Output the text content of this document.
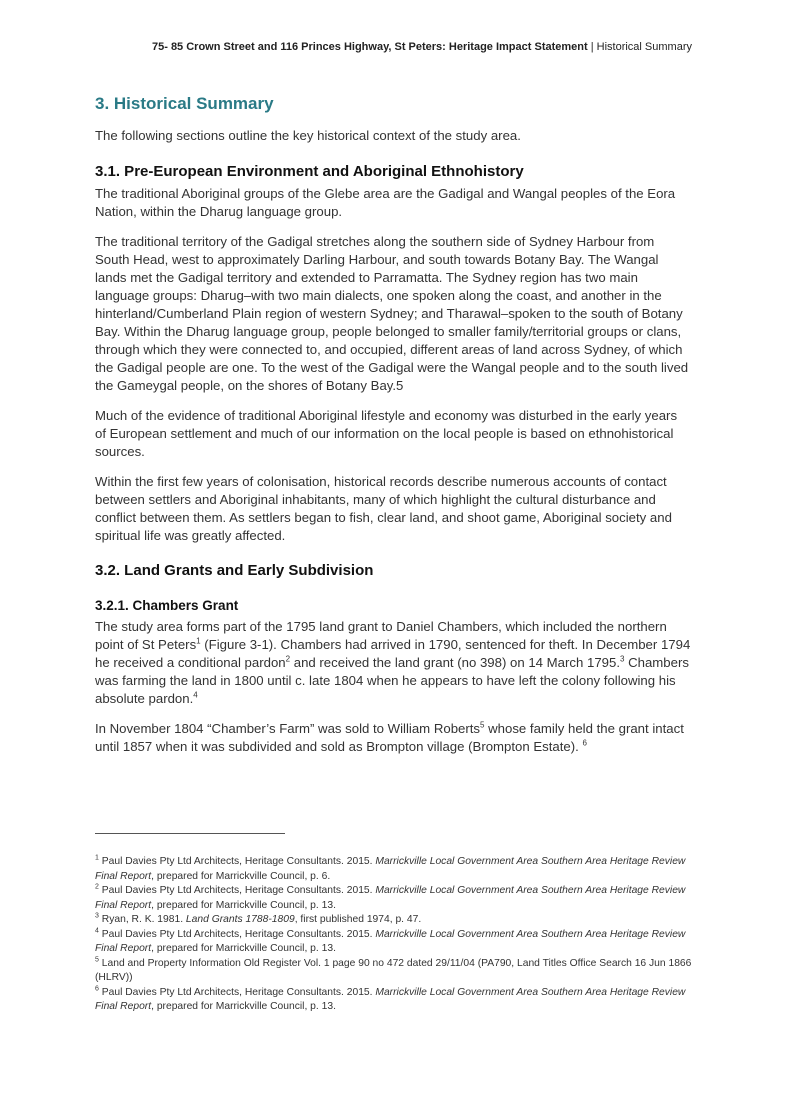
75- 85 Crown Street and 116 Princes Highway, St Peters: Heritage Impact Statement | Historical Summary
3. Historical Summary

The following sections outline the key historical context of the study area.

3.1. Pre-European Environment and Aboriginal Ethnohistory

The traditional Aboriginal groups of the Glebe area are the Gadigal and Wangal peoples of the Eora Nation, within the Dharug language group.

The traditional territory of the Gadigal stretches along the southern side of Sydney Harbour from South Head, west to approximately Darling Harbour, and south towards Botany Bay. The Wangal lands met the Gadigal territory and extended to Parramatta. The Sydney region has two main language groups: Dharug–with two main dialects, one spoken along the coast, and another in the hinterland/Cumberland Plain region of western Sydney; and Tharawal–spoken to the south of Botany Bay. Within the Dharug language group, people belonged to smaller family/territorial groups or clans, through which they were connected to, and occupied, different areas of land across Sydney, of which the Gadigal people are one. To the west of the Gadigal were the Wangal people and to the south lived the Gameygal people, on the shores of Botany Bay.5

Much of the evidence of traditional Aboriginal lifestyle and economy was disturbed in the early years of European settlement and much of our information on the local people is based on ethnohistorical sources.

Within the first few years of colonisation, historical records describe numerous accounts of contact between settlers and Aboriginal inhabitants, many of which highlight the cultural disturbance and conflict between them. As settlers began to fish, clear land, and shoot game, Aboriginal society and spiritual life was greatly affected.

3.2. Land Grants and Early Subdivision
3.2.1. Chambers Grant

The study area forms part of the 1795 land grant to Daniel Chambers, which included the northern point of St Peters$^1$ (Figure 3-1). Chambers had arrived in 1790, sentenced for theft. In December 1794 he received a conditional pardon$^2$ and received the land grant (no 398) on 14 March 1795.$^3$ Chambers was farming the land in 1800 until c. late 1804 when he appears to have left the colony following his absolute pardon.$^4$

In November 1804 “Chamber’s Farm” was sold to William Roberts$^5$ whose family held the grant intact until 1857 when it was subdivided and sold as Brompton village (Brompton Estate). $^6$

$^1$ Paul Davies Pty Ltd Architects, Heritage Consultants. 2015. Marrickville Local Government Area Southern Area Heritage Review Final Report, prepared for Marrickville Council, p. 6.
$^2$ Paul Davies Pty Ltd Architects, Heritage Consultants. 2015. Marrickville Local Government Area Southern Area Heritage Review Final Report, prepared for Marrickville Council, p. 13.
$^3$ Ryan, R. K. 1981. Land Grants 1788-1809, first published 1974, p. 47.
$^4$ Paul Davies Pty Ltd Architects, Heritage Consultants. 2015. Marrickville Local Government Area Southern Area Heritage Review Final Report, prepared for Marrickville Council, p. 13.
$^5$ Land and Property Information Old Register Vol. 1 page 90 no 472 dated 29/11/04 (PA790, Land Titles Office Search 16 Jun 1866 (HLRV))
$^6$ Paul Davies Pty Ltd Architects, Heritage Consultants. 2015. Marrickville Local Government Area Southern Area Heritage Review Final Report, prepared for Marrickville Council, p. 13.
